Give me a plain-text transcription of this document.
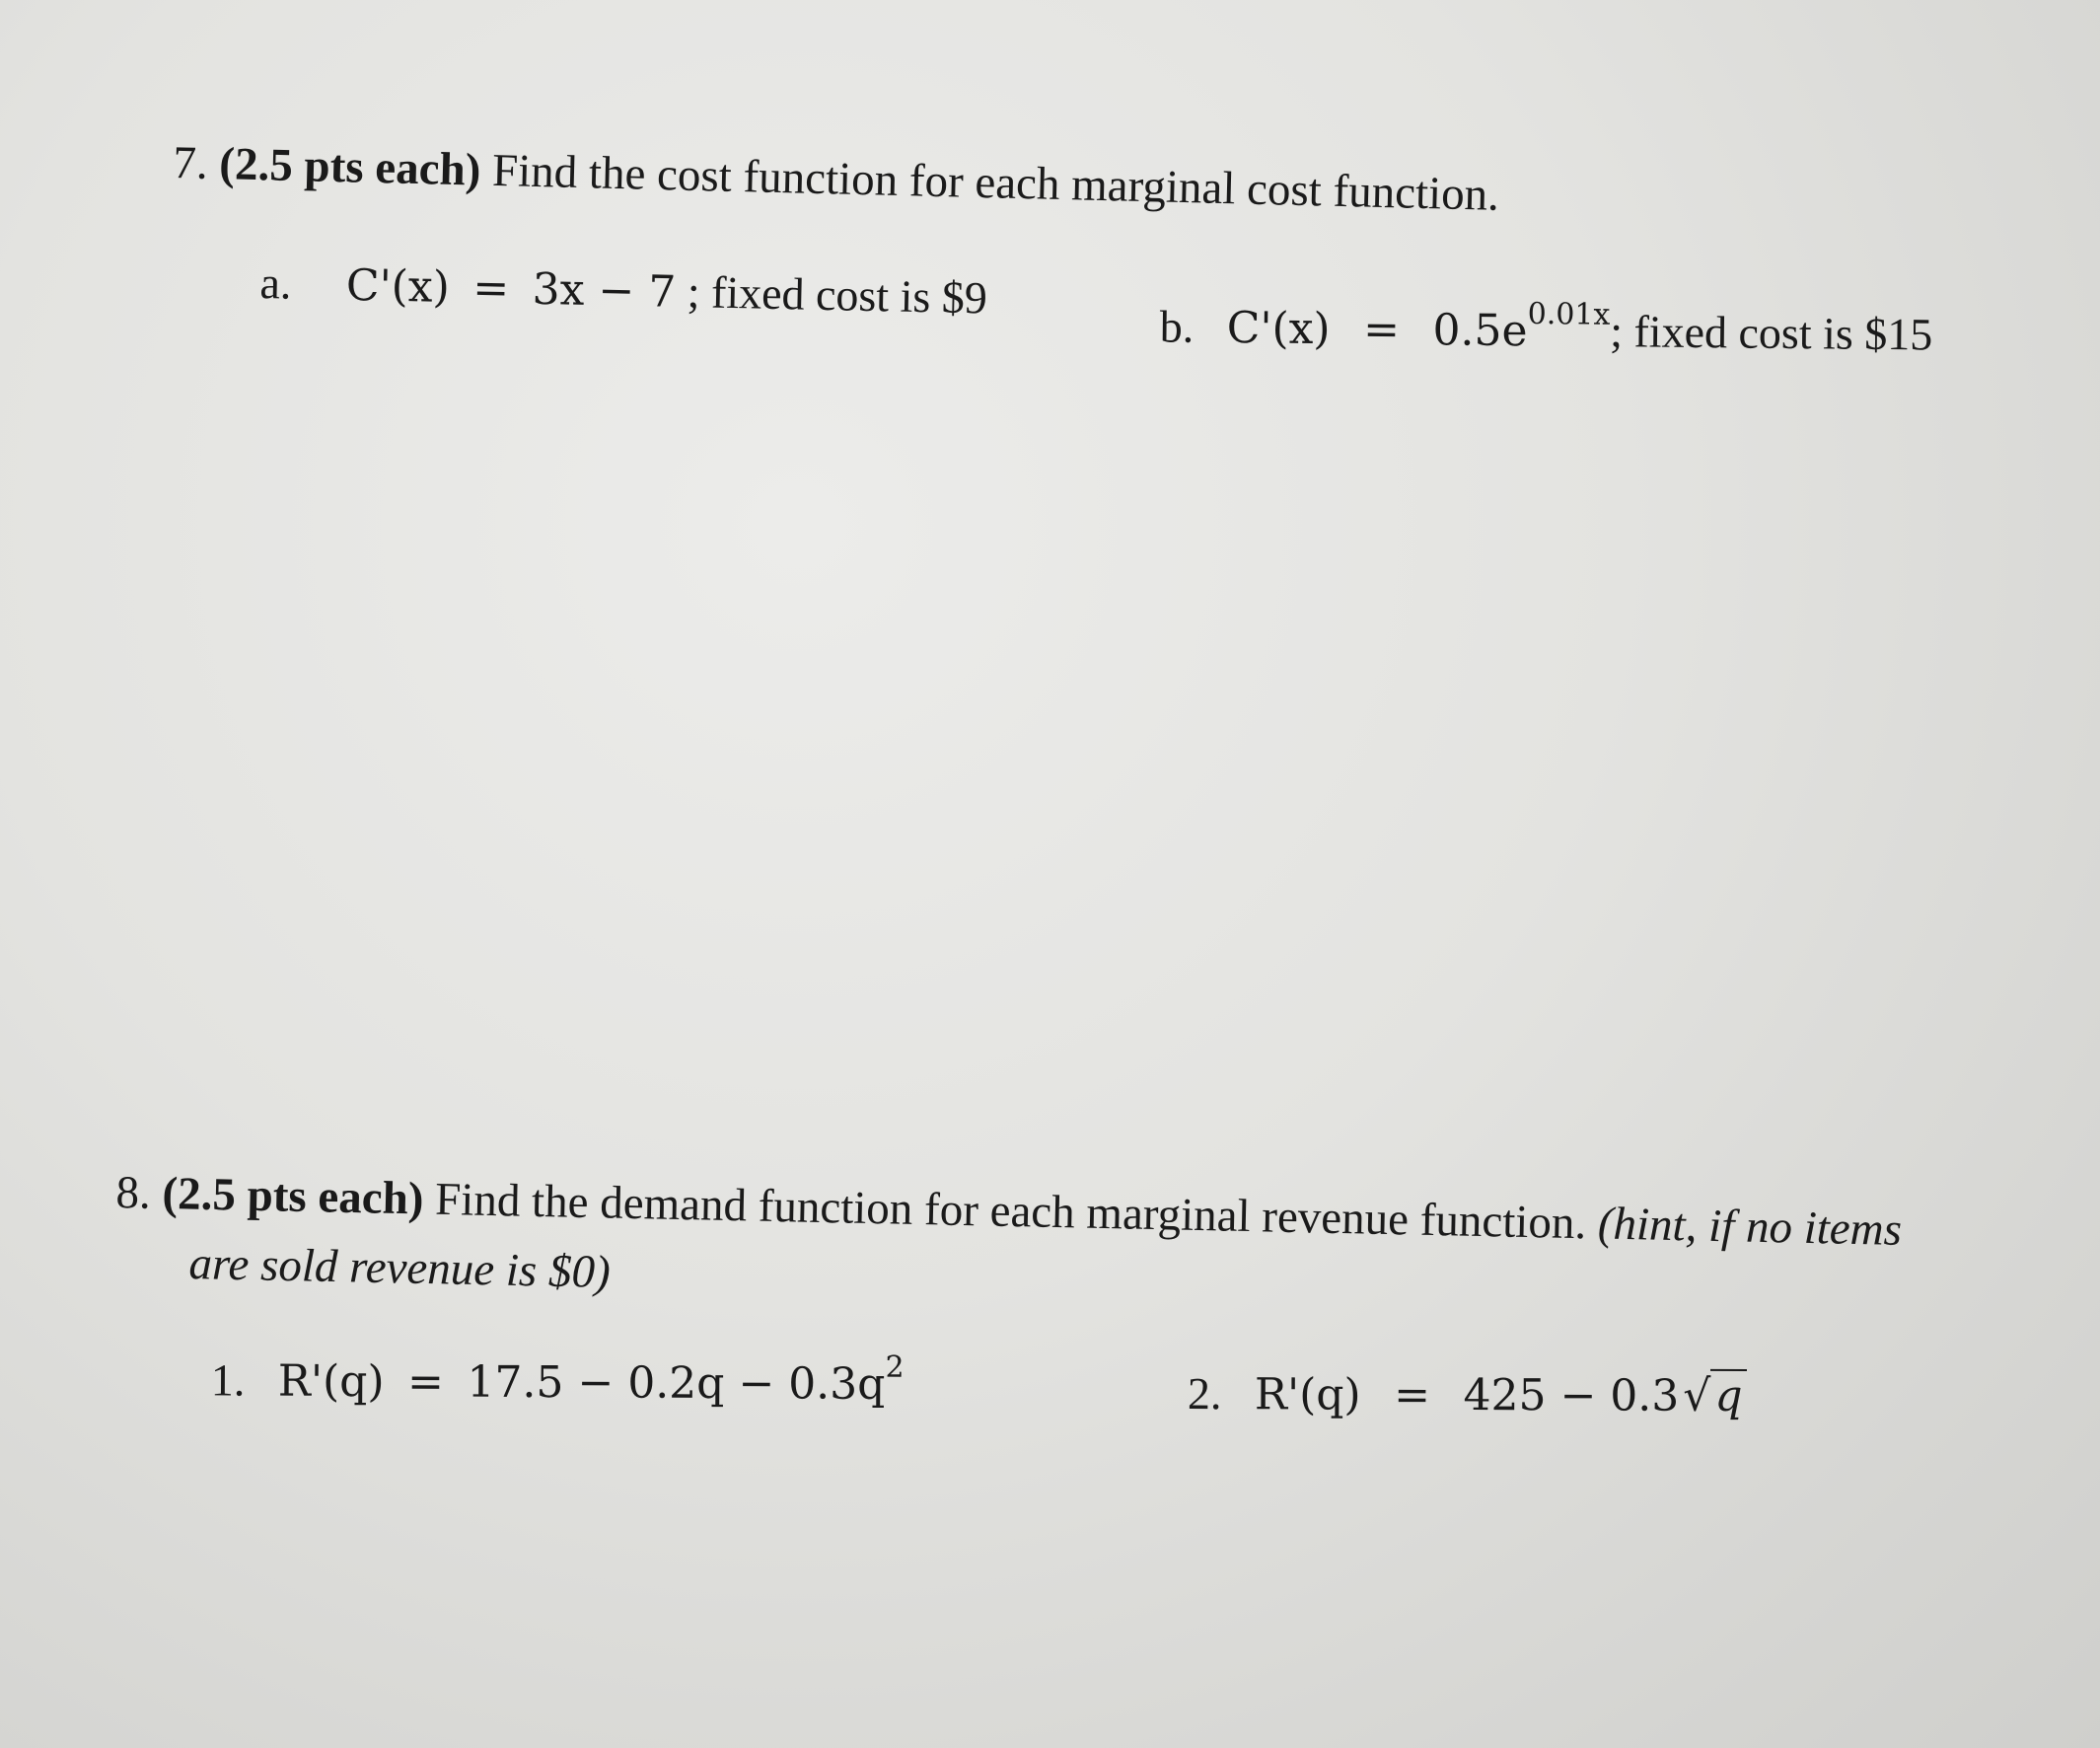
7. (2.5 pts each) Find the cost function for each marginal cost function.
a. C'(x) = 3x − 7 ; fixed cost is $9
b. $C'(x) = 0.5e^{0.01x}$; fixed cost is $15
8. (2.5 pts each) Find the demand function for each marginal revenue function. (hint, if no items
are sold revenue is $0)
1. $R'(q) = 17.5 - 0.2q - 0.3q^2$
2. R'(q) = 425 − 0.3√q
